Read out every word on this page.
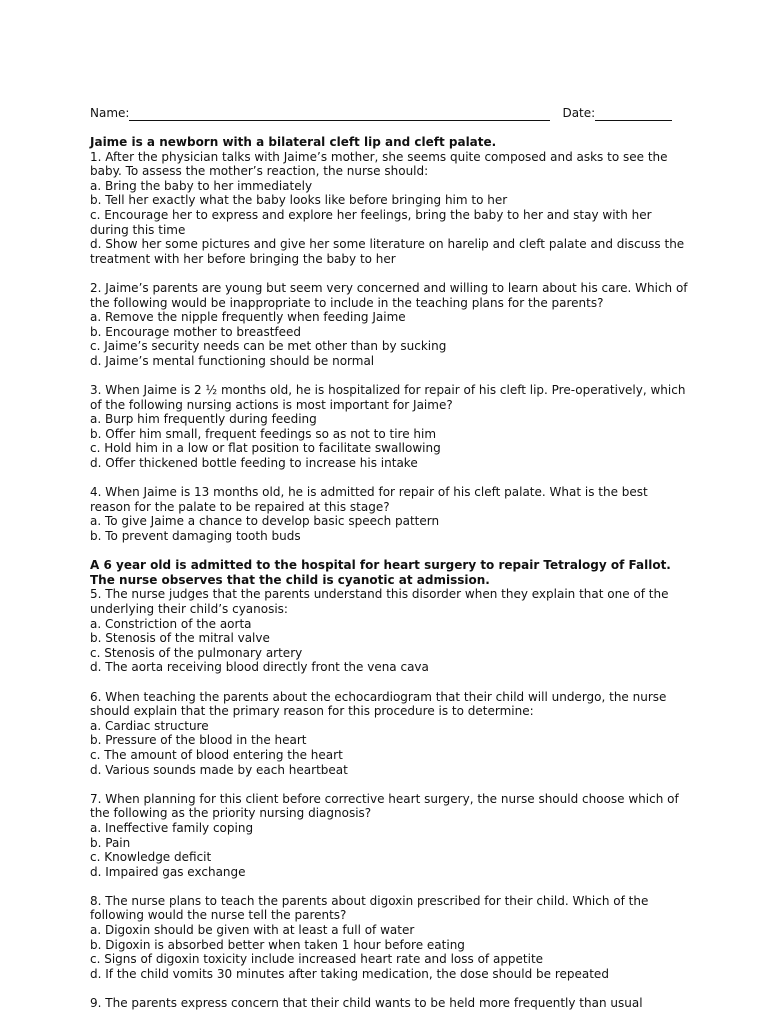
Name:	Date:
Jaime is a newborn with a bilateral cleft lip and cleft palate.
1. After the physician talks with Jaime’s mother, she seems quite composed and asks to see the baby. To assess the mother’s reaction, the nurse should:
a. Bring the baby to her immediately
b. Tell her exactly what the baby looks like before bringing him to her
c. Encourage her to express and explore her feelings, bring the baby to her and stay with her during this time
d. Show her some pictures and give her some literature on harelip and cleft palate and discuss the treatment with her before bringing the baby to her
2. Jaime’s parents are young but seem very concerned and willing to learn about his care. Which of the following would be inappropriate to include in the teaching plans for the parents?
a. Remove the nipple frequently when feeding Jaime
b. Encourage mother to breastfeed
c. Jaime’s security needs can be met other than by sucking
d. Jaime’s mental functioning should be normal
3. When Jaime is 2 ½ months old, he is hospitalized for repair of his cleft lip. Pre-operatively, which of the following nursing actions is most important for Jaime?
a. Burp him frequently during feeding
b. Offer him small, frequent feedings so as not to tire him
c. Hold him in a low or flat position to facilitate swallowing
d. Offer thickened bottle feeding to increase his intake
4. When Jaime is 13 months old, he is admitted for repair of his cleft palate. What is the best reason for the palate to be repaired at this stage?
a. To give Jaime a chance to develop basic speech pattern
b. To prevent damaging tooth buds
A 6 year old is admitted to the hospital for heart surgery to repair Tetralogy of Fallot. The nurse observes that the child is cyanotic at admission.
5. The nurse judges that the parents understand this disorder when they explain that one of the underlying their child’s cyanosis:
a. Constriction of the aorta
b. Stenosis of the mitral valve
c. Stenosis of the pulmonary artery
d. The aorta receiving blood directly front the vena cava
6. When teaching the parents about the echocardiogram that their child will undergo, the nurse should explain that the primary reason for this procedure is to determine:
a. Cardiac structure
b. Pressure of the blood in the heart
c. The amount of blood entering the heart
d. Various sounds made by each heartbeat
7. When planning for this client before corrective heart surgery, the nurse should choose which of the following as the priority nursing diagnosis?
a. Ineffective family coping
b. Pain
c. Knowledge deficit
d. Impaired gas exchange
8. The nurse plans to teach the parents about digoxin prescribed for their child. Which of the following would the nurse tell the parents?
a. Digoxin should be given with at least a full of water
b. Digoxin is absorbed better when taken 1 hour before eating
c. Signs of digoxin toxicity include increased heart rate and loss of appetite
d. If the child vomits 30 minutes after taking medication, the dose should be repeated
9. The parents express concern that their child wants to be held more frequently than usual
